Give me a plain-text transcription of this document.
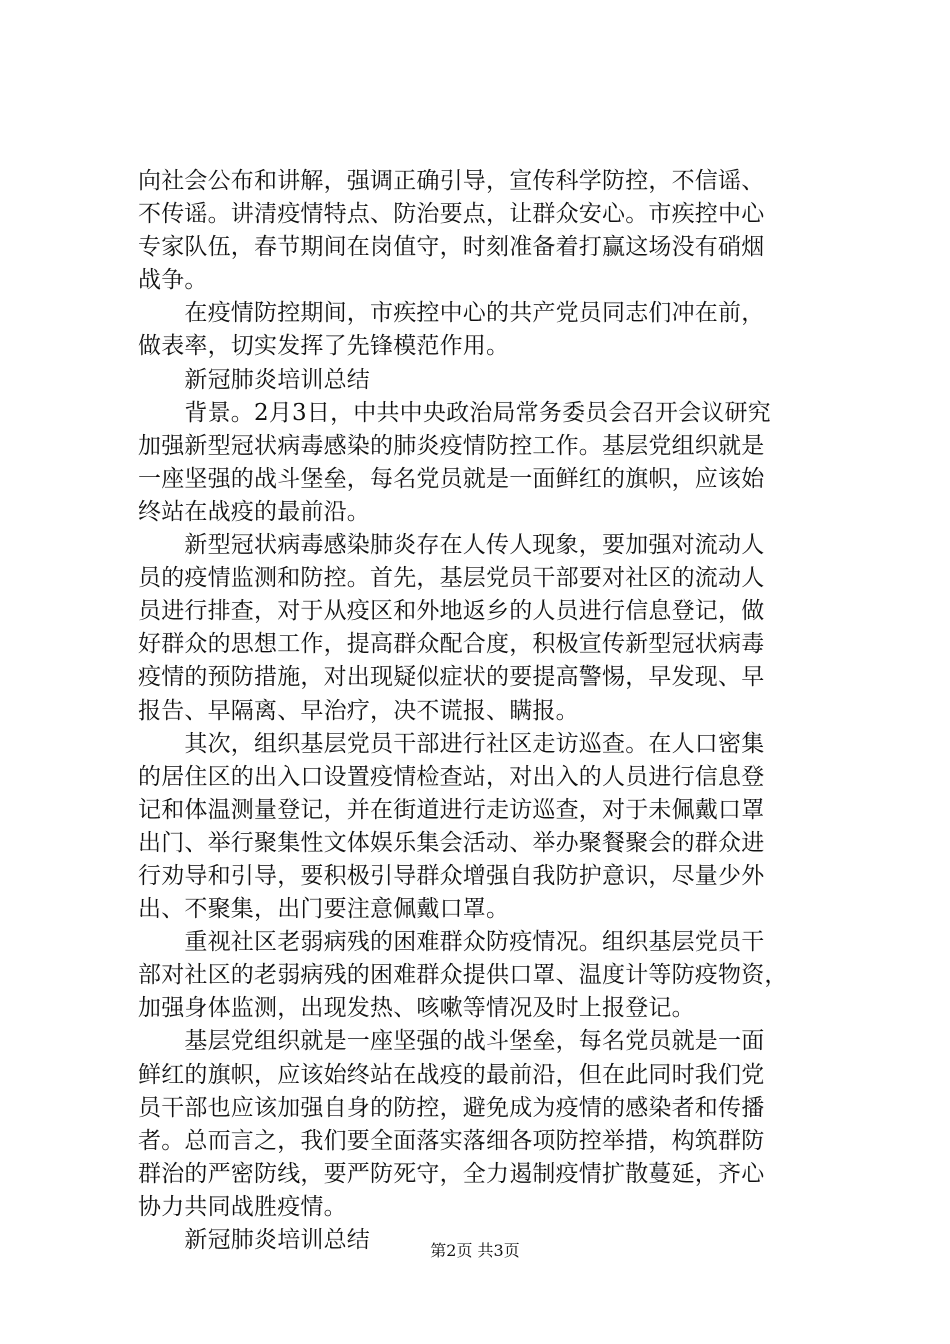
向社会公布和讲解，强调正确引导，宣传科学防控，不信谣、
不传谣。讲清疫情特点、防治要点，让群众安心。市疾控中心
专家队伍，春节期间在岗值守，时刻准备着打赢这场没有硝烟
战争。
　　在疫情防控期间，市疾控中心的共产党员同志们冲在前，
做表率，切实发挥了先锋模范作用。
　　新冠肺炎培训总结
　　背景。2月3日，中共中央政治局常务委员会召开会议研究
加强新型冠状病毒感染的肺炎疫情防控工作。基层党组织就是
一座坚强的战斗堡垒，每名党员就是一面鲜红的旗帜，应该始
终站在战疫的最前沿。
　　新型冠状病毒感染肺炎存在人传人现象，要加强对流动人
员的疫情监测和防控。首先，基层党员干部要对社区的流动人
员进行排查，对于从疫区和外地返乡的人员进行信息登记，做
好群众的思想工作，提高群众配合度，积极宣传新型冠状病毒
疫情的预防措施，对出现疑似症状的要提高警惕，早发现、早
报告、早隔离、早治疗，决不谎报、瞒报。
　　其次，组织基层党员干部进行社区走访巡查。在人口密集
的居住区的出入口设置疫情检查站，对出入的人员进行信息登
记和体温测量登记，并在街道进行走访巡查，对于未佩戴口罩
出门、举行聚集性文体娱乐集会活动、举办聚餐聚会的群众进
行劝导和引导，要积极引导群众增强自我防护意识，尽量少外
出、不聚集，出门要注意佩戴口罩。
　　重视社区老弱病残的困难群众防疫情况。组织基层党员干
部对社区的老弱病残的困难群众提供口罩、温度计等防疫物资，
加强身体监测，出现发热、咳嗽等情况及时上报登记。
　　基层党组织就是一座坚强的战斗堡垒，每名党员就是一面
鲜红的旗帜，应该始终站在战疫的最前沿，但在此同时我们党
员干部也应该加强自身的防控，避免成为疫情的感染者和传播
者。总而言之，我们要全面落实落细各项防控举措，构筑群防
群治的严密防线，要严防死守，全力遏制疫情扩散蔓延，齐心
协力共同战胜疫情。
　　新冠肺炎培训总结	第2页 共3页
